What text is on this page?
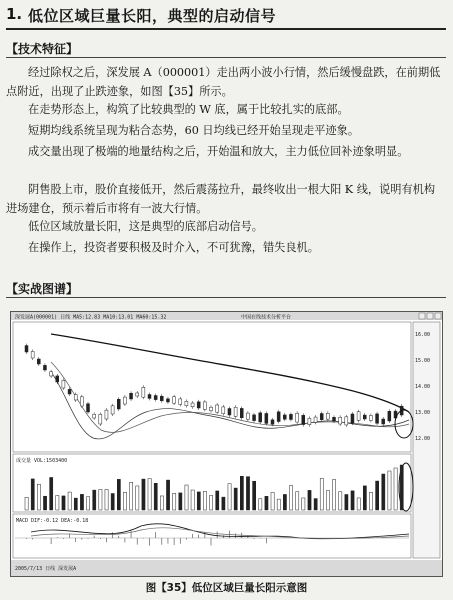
1. 低位区域巨量长阳，典型的启动信号
【技术特征】

经过除权之后，深发展 A（000001）走出两小波小行情，然后缓慢盘跌，在前期低点附近，出现了止跌迹象，如图【35】所示。

在走势形态上，构筑了比较典型的 W 底，属于比较扎实的底部。

短期均线系统呈现为粘合态势，60 日均线已经开始呈现走平迹象。

成交量出现了极端的地量结构之后，开始温和放大，主力低位回补迹象明显。

阴售股上市，股价直接低开，然后震荡拉升，最终收出一根大阳 K 线，说明有机构进场建仓，预示着后市将有一波大行情。

低位区域放量长阳，这是典型的底部启动信号。

在操作上，投资者要积极及时介入，不可犹豫，错失良机。

【实战图谱】
深发展A(000001) 日线 MA5:12.83 MA10:13.01 MA60:15.32	中国在线技术分析平台
16.00
15.00
14.00
13.00
12.00
成交量 VOL:1503400
MACD DIF:-0.12 DEA:-0.18
2005/7/13 日线 深发展A
图【35】低位区域巨量长阳示意图
